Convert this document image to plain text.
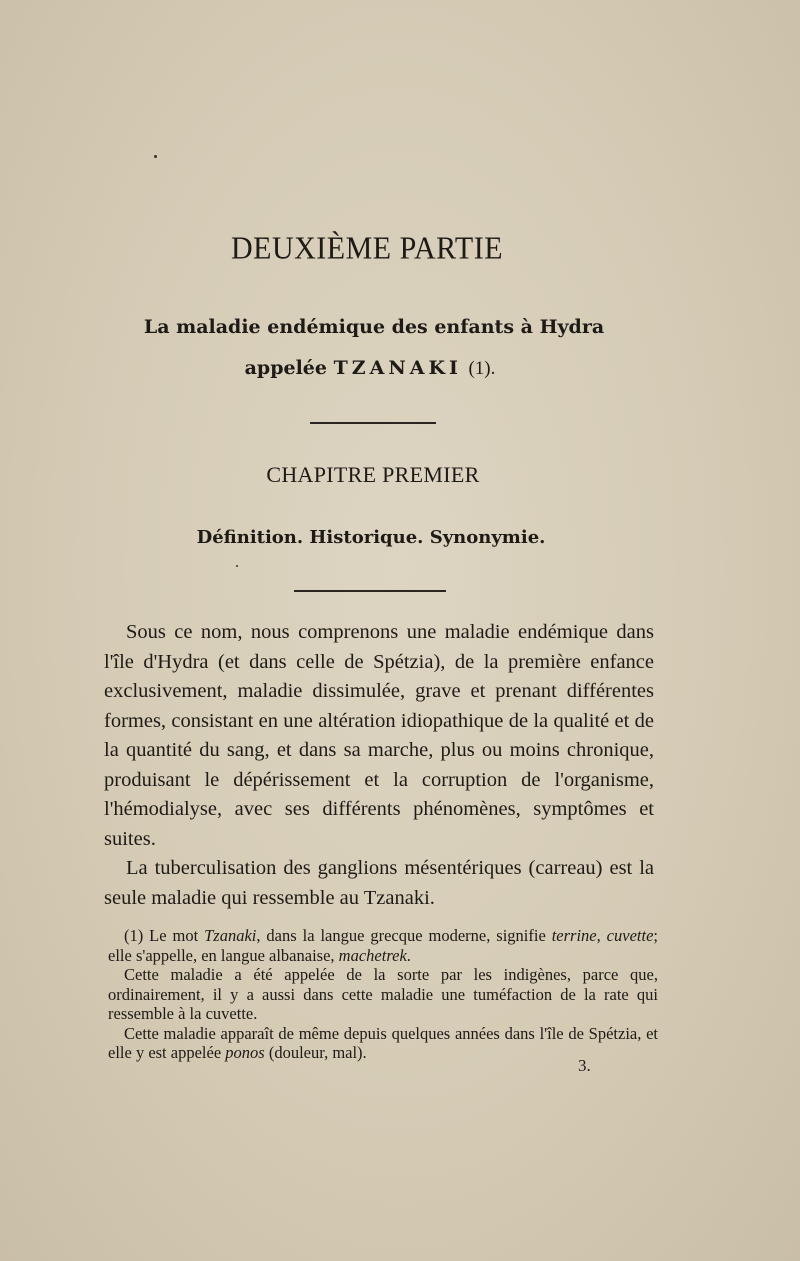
DEUXIÈME PARTIE
La maladie endémique des enfants à Hydra
appelée TZANAKI (1).
CHAPITRE PREMIER
Définition. Historique. Synonymie.

Sous ce nom, nous comprenons une maladie endémique dans l'île d'Hydra (et dans celle de Spétzia), de la première enfance exclusivement, maladie dissimulée, grave et prenant différentes formes, consistant en une altération idiopathique de la qualité et de la quantité du sang, et dans sa marche, plus ou moins chronique, produisant le dépérissement et la corruption de l'organisme, l'hémodialyse, avec ses différents phénomènes, symptômes et suites.

La tuberculisation des ganglions mésentériques (carreau) est la seule maladie qui ressemble au Tzanaki.

(1) Le mot Tzanaki, dans la langue grecque moderne, signifie terrine, cuvette; elle s'appelle, en langue albanaise, machetrek.

Cette maladie a été appelée de la sorte par les indigènes, parce que, ordinairement, il y a aussi dans cette maladie une tuméfaction de la rate qui ressemble à la cuvette.

Cette maladie apparaît de même depuis quelques années dans l'île de Spétzia, et elle y est appelée ponos (douleur, mal).

3.
